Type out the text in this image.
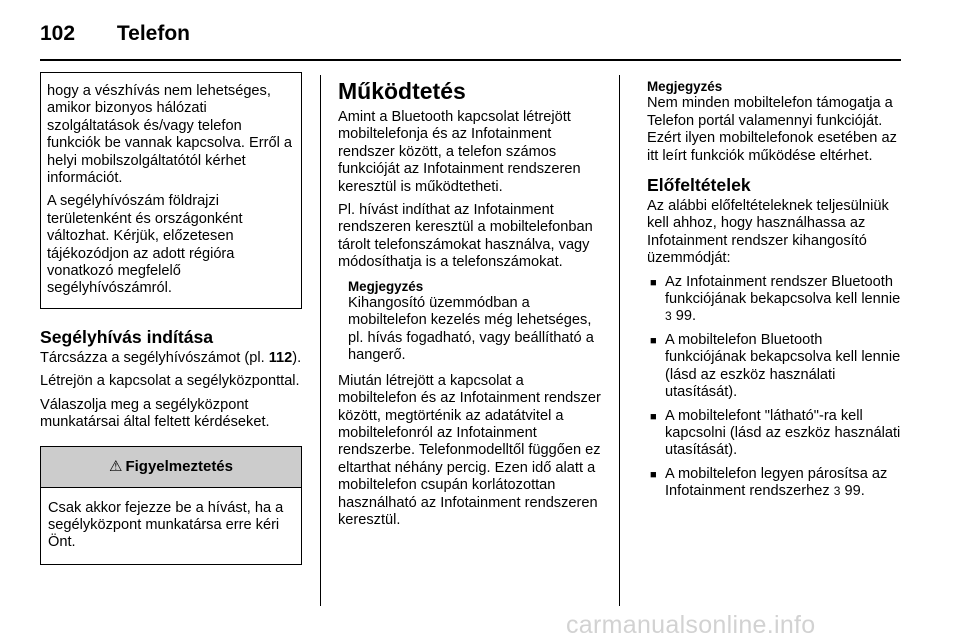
102 Telefon

hogy a vészhívás nem lehetséges, amikor bizonyos hálózati szolgáltatások és/vagy telefon funkciók be vannak kapcsolva. Erről a helyi mobilszolgáltatótól kérhet információt.

A segélyhívószám földrajzi területenként és országonként változhat. Kérjük, előzetesen tájékozódjon az adott régióra vonatkozó megfelelő segélyhívószámról.

Segélyhívás indítása

Tárcsázza a segélyhívószámot (pl. 112).

Létrejön a kapcsolat a segélyközponttal.

Válaszolja meg a segélyközpont munkatársai által feltett kérdéseket.

⚠ Figyelmeztetés
Csak akkor fejezze be a hívást, ha a segélyközpont munkatársa erre kéri Önt.
Működtetés

Amint a Bluetooth kapcsolat létrejött mobiltelefonja és az Infotainment rendszer között, a telefon számos funkcióját az Infotainment rendszeren keresztül is működtetheti.

Pl. hívást indíthat az Infotainment rendszeren keresztül a mobiltelefonban tárolt telefonszámokat használva, vagy módosíthatja is a telefonszámokat.

Megjegyzés
Kihangosító üzemmódban a mobiltelefon kezelés még lehetséges, pl. hívás fogadható, vagy beállítható a hangerő.

Miután létrejött a kapcsolat a mobiltelefon és az Infotainment rendszer között, megtörténik az adatátvitel a mobiltelefonról az Infotainment rendszerbe. Telefonmodelltől függően ez eltarthat néhány percig. Ezen idő alatt a mobiltelefon csupán korlátozottan használható az Infotainment rendszeren keresztül.

Megjegyzés
Nem minden mobiltelefon támogatja a Telefon portál valamennyi funkcióját. Ezért ilyen mobiltelefonok esetében az itt leírt funkciók működése eltérhet.
Előfeltételek

Az alábbi előfeltételeknek teljesülniük kell ahhoz, hogy használhassa az Infotainment rendszer kihangosító üzemmódját:

■ Az Infotainment rendszer Bluetooth funkciójának bekapcsolva kell lennie 3 99.
■ A mobiltelefon Bluetooth funkciójának bekapcsolva kell lennie (lásd az eszköz használati utasítását).
■ A mobiltelefont "látható"-ra kell kapcsolni (lásd az eszköz használati utasítását).
■ A mobiltelefon legyen párosítsa az Infotainment rendszerhez 3 99.
carmanualsonline.info
